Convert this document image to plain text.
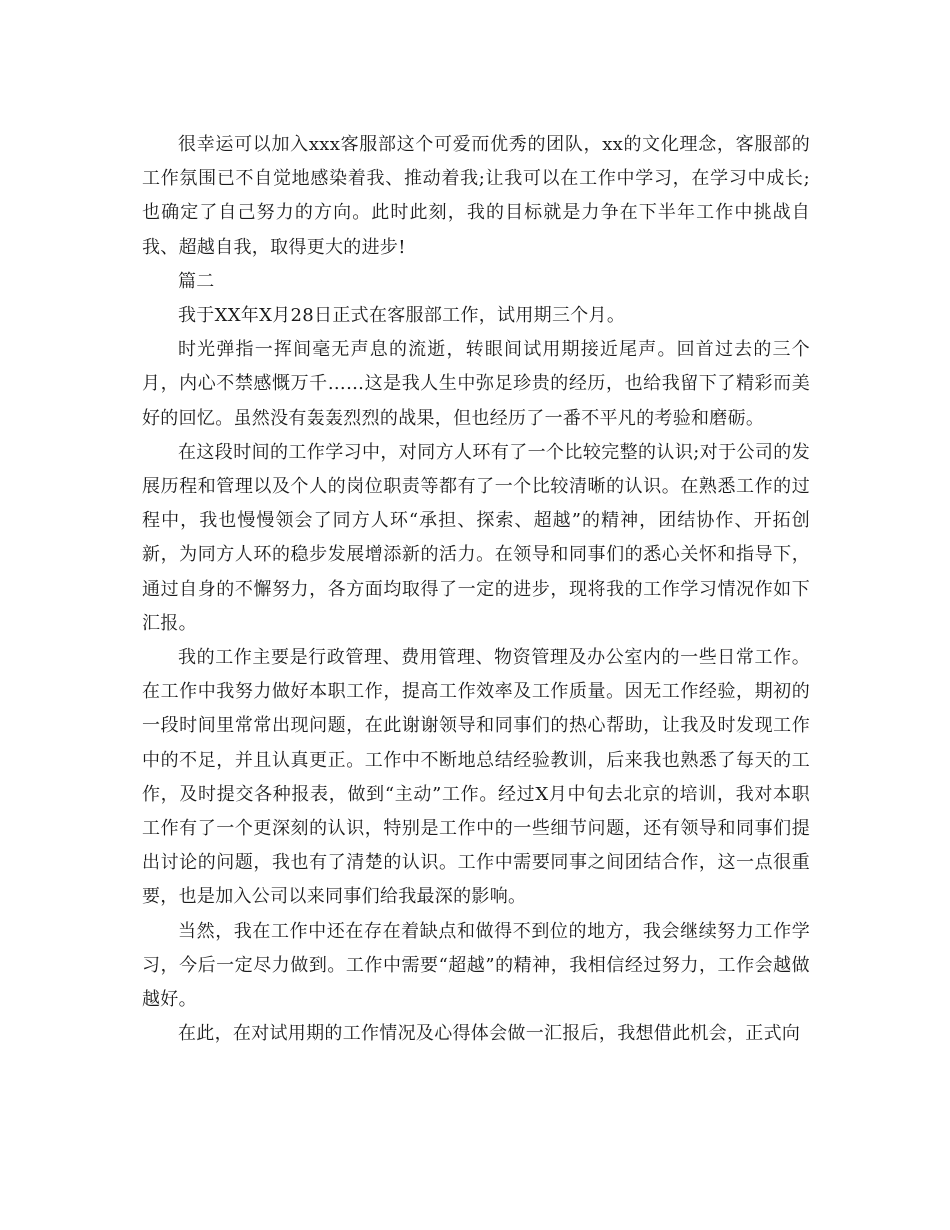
很幸运可以加入xxx客服部这个可爱而优秀的团队，xx的文化理念，客服部的工作氛围已不自觉地感染着我、推动着我;让我可以在工作中学习，在学习中成长;也确定了自己努力的方向。此时此刻，我的目标就是力争在下半年工作中挑战自我、超越自我，取得更大的进步!

篇二

我于XX年X月28日正式在客服部工作，试用期三个月。

时光弹指一挥间毫无声息的流逝，转眼间试用期接近尾声。回首过去的三个月，内心不禁感慨万千……这是我人生中弥足珍贵的经历，也给我留下了精彩而美好的回忆。虽然没有轰轰烈烈的战果，但也经历了一番不平凡的考验和磨砺。

在这段时间的工作学习中，对同方人环有了一个比较完整的认识;对于公司的发展历程和管理以及个人的岗位职责等都有了一个比较清晰的认识。在熟悉工作的过程中，我也慢慢领会了同方人环“承担、探索、超越”的精神，团结协作、开拓创新，为同方人环的稳步发展增添新的活力。在领导和同事们的悉心关怀和指导下，通过自身的不懈努力，各方面均取得了一定的进步，现将我的工作学习情况作如下汇报。

我的工作主要是行政管理、费用管理、物资管理及办公室内的一些日常工作。在工作中我努力做好本职工作，提高工作效率及工作质量。因无工作经验，期初的一段时间里常常出现问题，在此谢谢领导和同事们的热心帮助，让我及时发现工作中的不足，并且认真更正。工作中不断地总结经验教训，后来我也熟悉了每天的工作，及时提交各种报表，做到“主动”工作。经过X月中旬去北京的培训，我对本职工作有了一个更深刻的认识，特别是工作中的一些细节问题，还有领导和同事们提出讨论的问题，我也有了清楚的认识。工作中需要同事之间团结合作，这一点很重要，也是加入公司以来同事们给我最深的影响。

当然，我在工作中还在存在着缺点和做得不到位的地方，我会继续努力工作学习，今后一定尽力做到。工作中需要“超越”的精神，我相信经过努力，工作会越做越好。

在此，在对试用期的工作情况及心得体会做一汇报后，我想借此机会，正式向
